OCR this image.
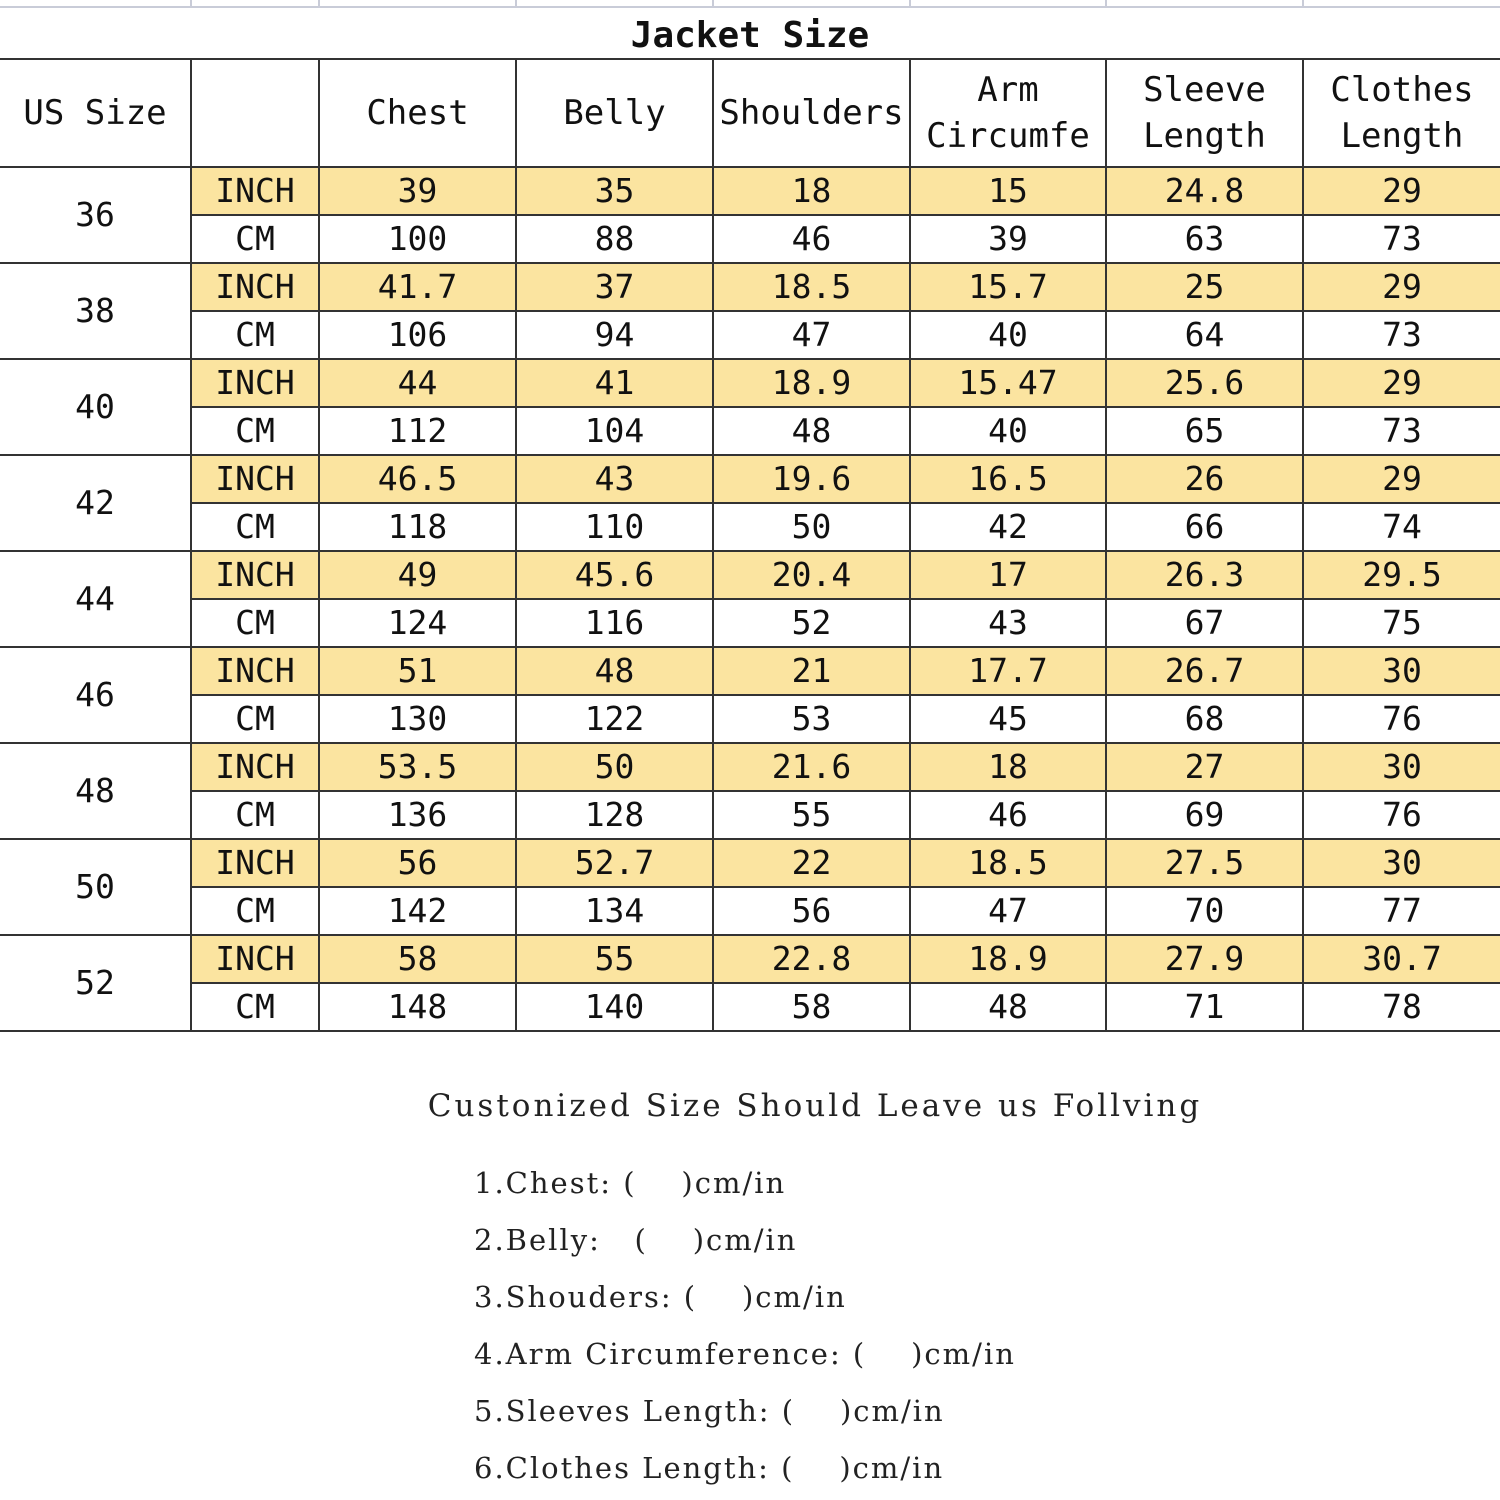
Jacket Size
US Size		Chest	Belly	Shoulders	Arm Circumfe	Sleeve Length	Clothes Length
36	INCH	39	35	18	15	24.8	29
	CM	100	88	46	39	63	73
38	INCH	41.7	37	18.5	15.7	25	29
	CM	106	94	47	40	64	73
40	INCH	44	41	18.9	15.47	25.6	29
	CM	112	104	48	40	65	73
42	INCH	46.5	43	19.6	16.5	26	29
	CM	118	110	50	42	66	74
44	INCH	49	45.6	20.4	17	26.3	29.5
	CM	124	116	52	43	67	75
46	INCH	51	48	21	17.7	26.7	30
	CM	130	122	53	45	68	76
48	INCH	53.5	50	21.6	18	27	30
	CM	136	128	55	46	69	76
50	INCH	56	52.7	22	18.5	27.5	30
	CM	142	134	56	47	70	77
52	INCH	58	55	22.8	18.9	27.9	30.7
	CM	148	140	58	48	71	78
Custonized Size Should Leave us Follving
1.Chest: (    )cm/in
2.Belly:   (    )cm/in
3.Shouders: (    )cm/in
4.Arm Circumference: (    )cm/in
5.Sleeves Length: (    )cm/in
6.Clothes Length: (    )cm/in
